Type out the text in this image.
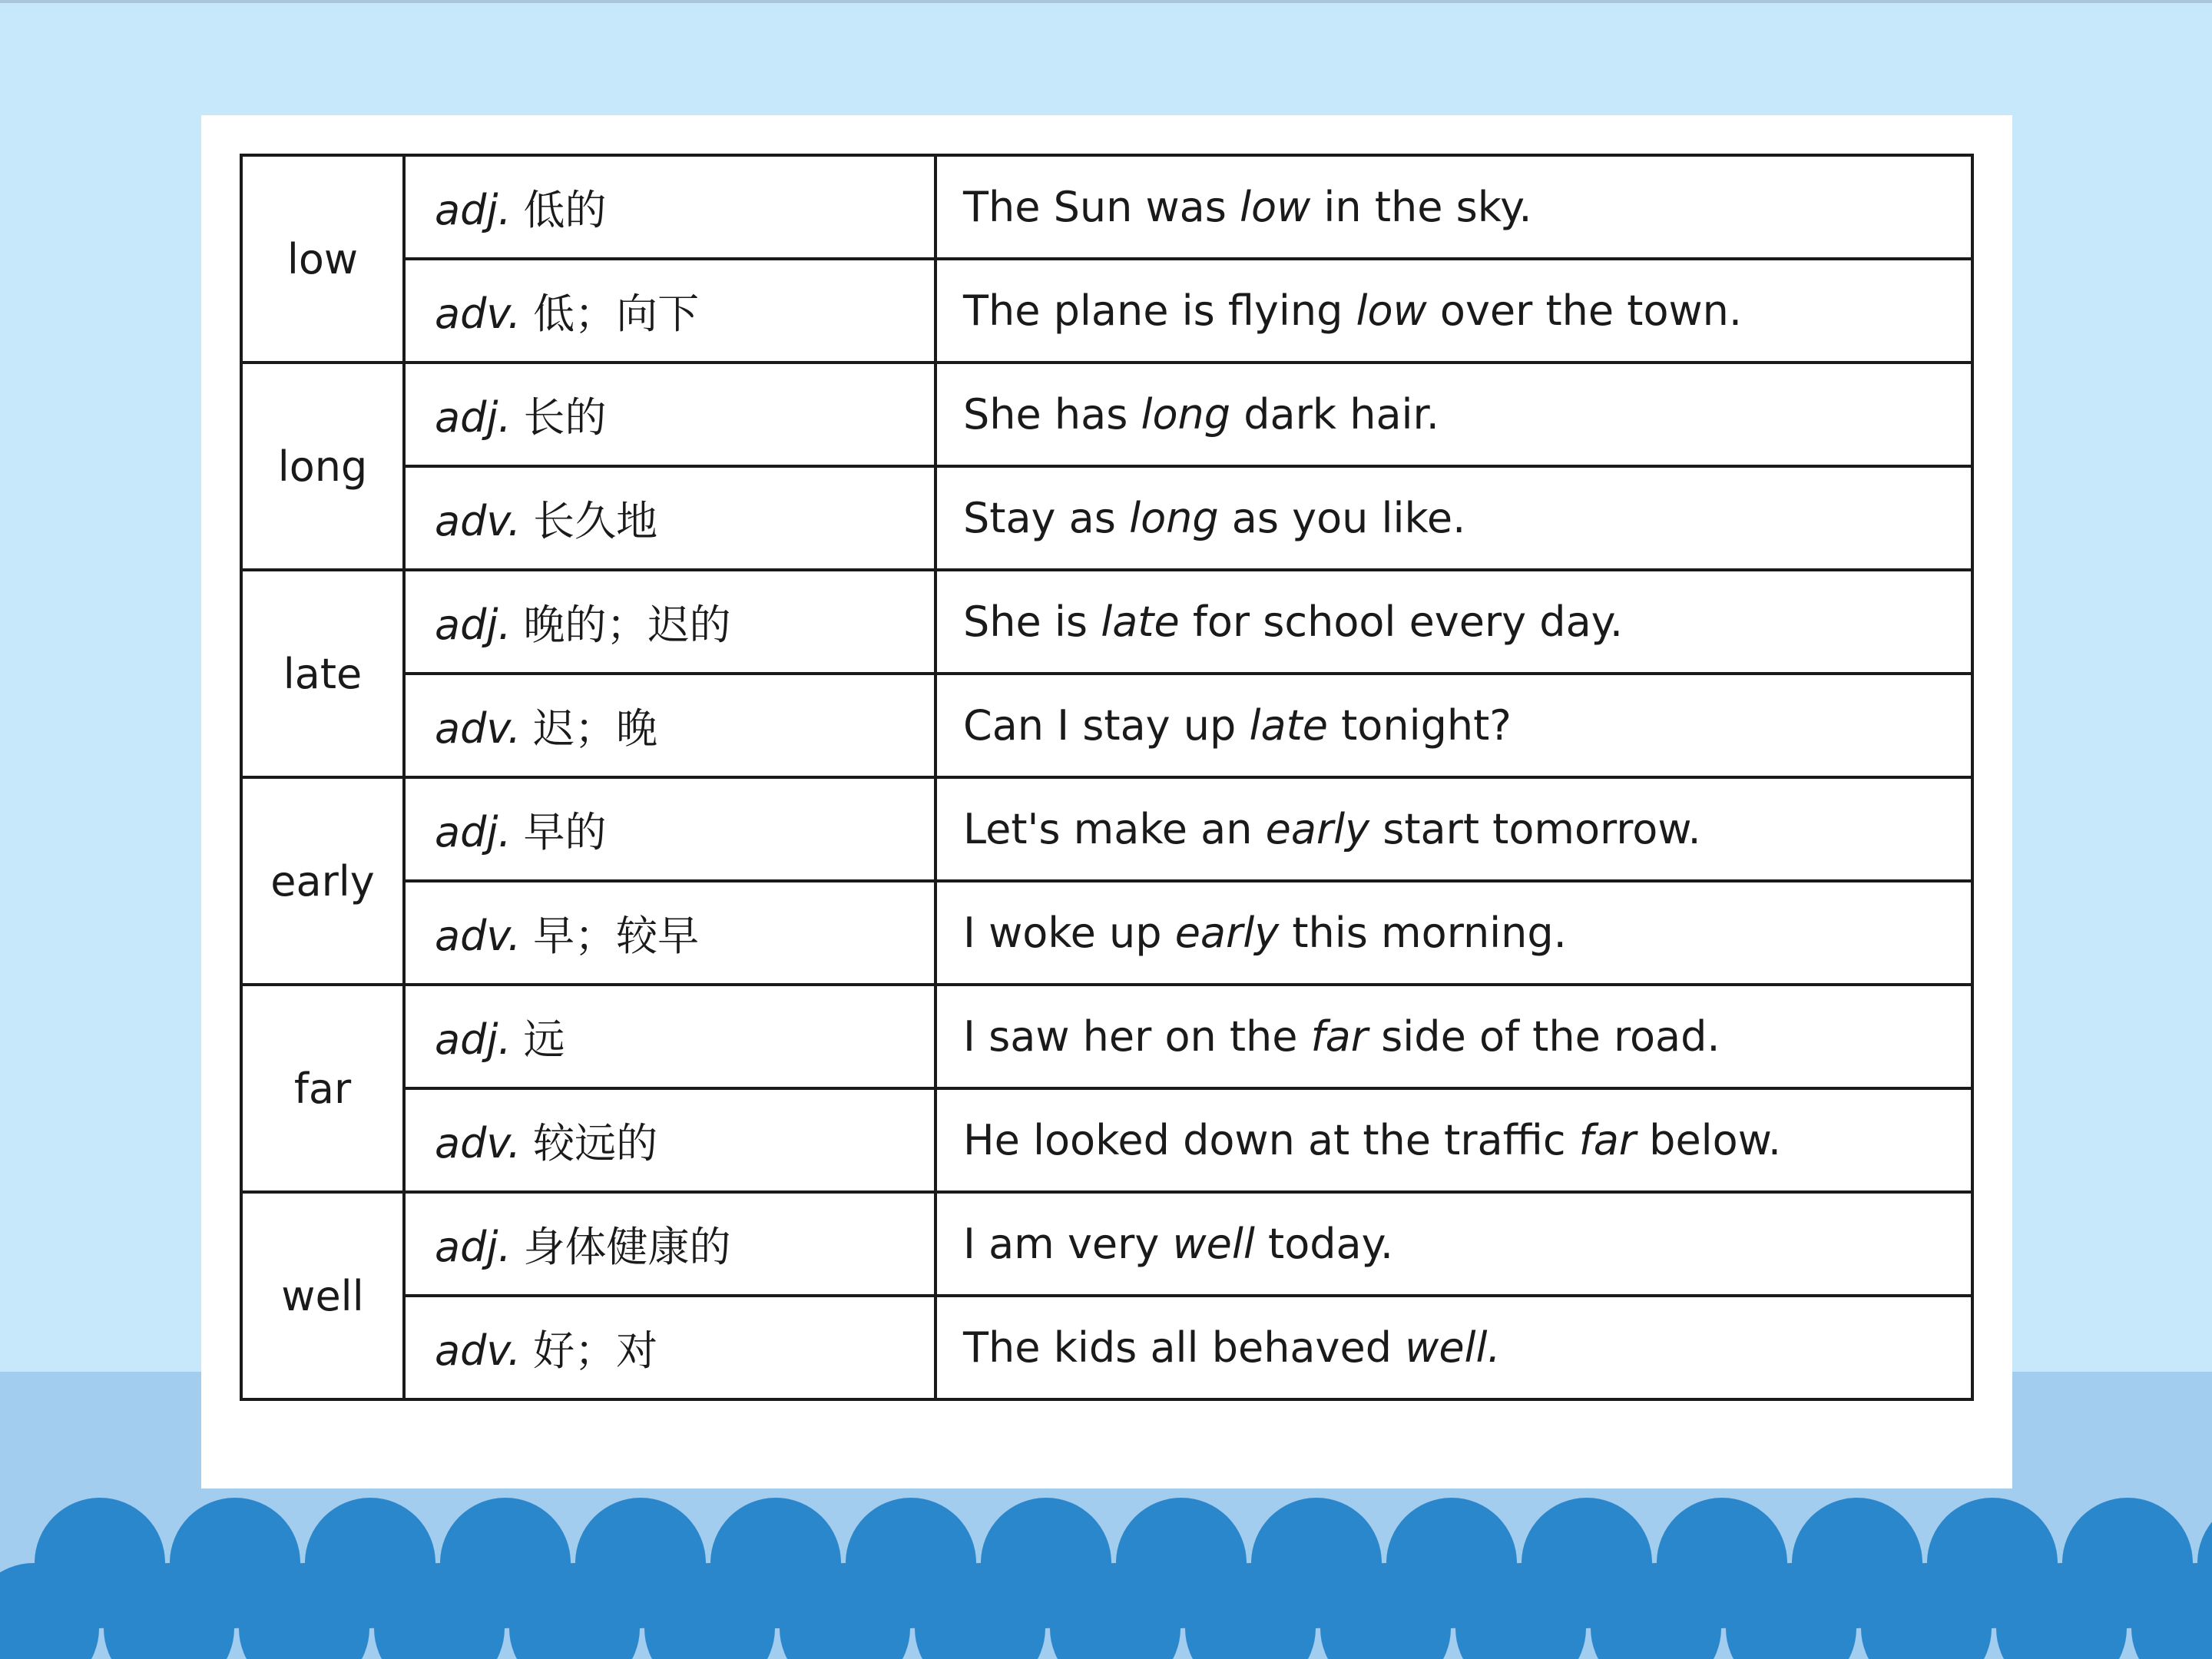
low	adj. 低的	The Sun was low in the sky.
	adv. 低；向下	The plane is flying low over the town.
long	adj. 长的	She has long dark hair.
	adv. 长久地	Stay as long as you like.
late	adj. 晚的；迟的	She is late for school every day.
	adv. 迟；晚	Can I stay up late tonight?
early	adj. 早的	Let's make an early start tomorrow.
	adv. 早；较早	I woke up early this morning.
far	adj. 远	I saw her on the far side of the road.
	adv. 较远的	He looked down at the traffic far below.
well	adj. 身体健康的	I am very well today.
	adv. 好；对	The kids all behaved well.
